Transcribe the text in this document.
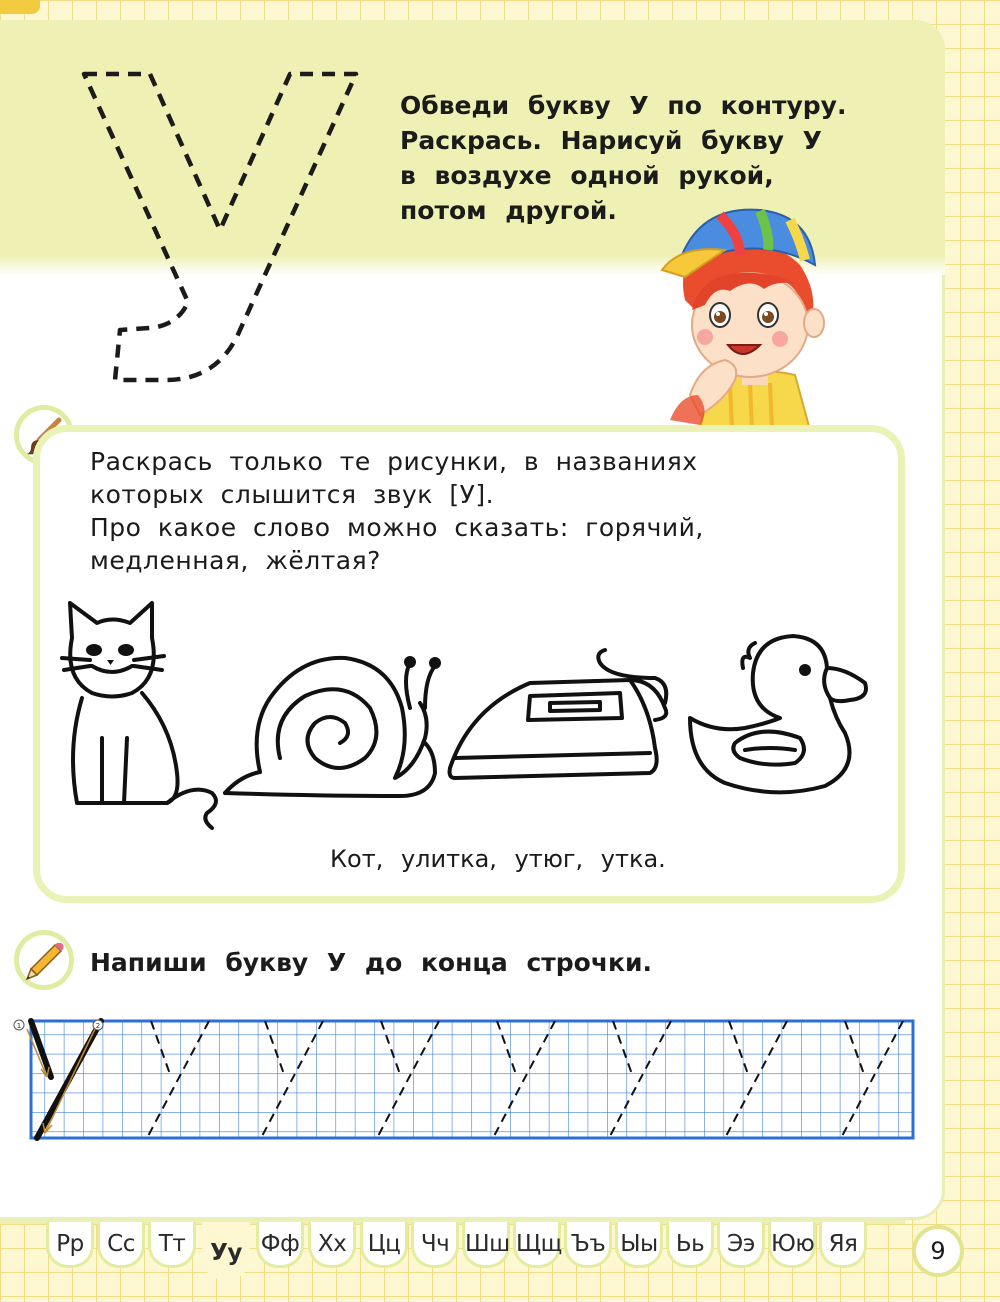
Обведи букву У по контуру.
Раскрась. Нарисуй букву У
в воздухе одной рукой,
потом другой.

Раскрась только те рисунки, в названиях

которых слышится звук [У].

Про какое слово можно сказать: горячий,

медленная, жёлтая?

Кот, улитка, утюг, утка.
Напиши букву У до конца строчки.
1	2
Рр	Сс	Тт	Уу Фф Хх Цц Чч Шш Щщ Ъъ Ыы Ьь Ээ Юю Яя	9
